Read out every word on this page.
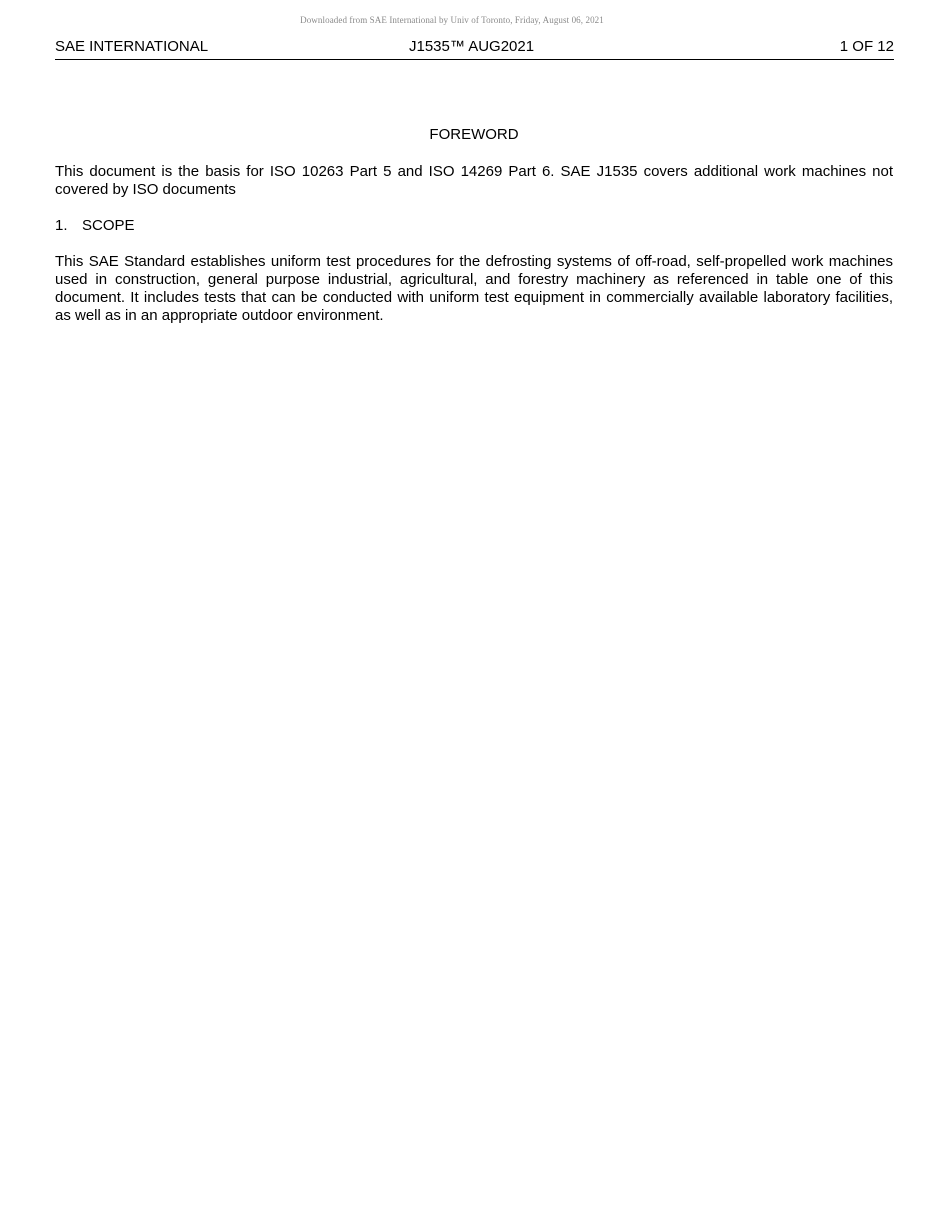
Downloaded from SAE International by Univ of Toronto, Friday, August 06, 2021
SAE INTERNATIONAL	J1535™ AUG2021	1 OF 12
FOREWORD

This document is the basis for ISO 10263 Part 5 and ISO 14269 Part 6. SAE J1535 covers additional work machines not covered by ISO documents

1. SCOPE

This SAE Standard establishes uniform test procedures for the defrosting systems of off-road, self-propelled work machines used in construction, general purpose industrial, agricultural, and forestry machinery as referenced in table one of this document. It includes tests that can be conducted with uniform test equipment in commercially available laboratory facilities, as well as in an appropriate outdoor environment.
